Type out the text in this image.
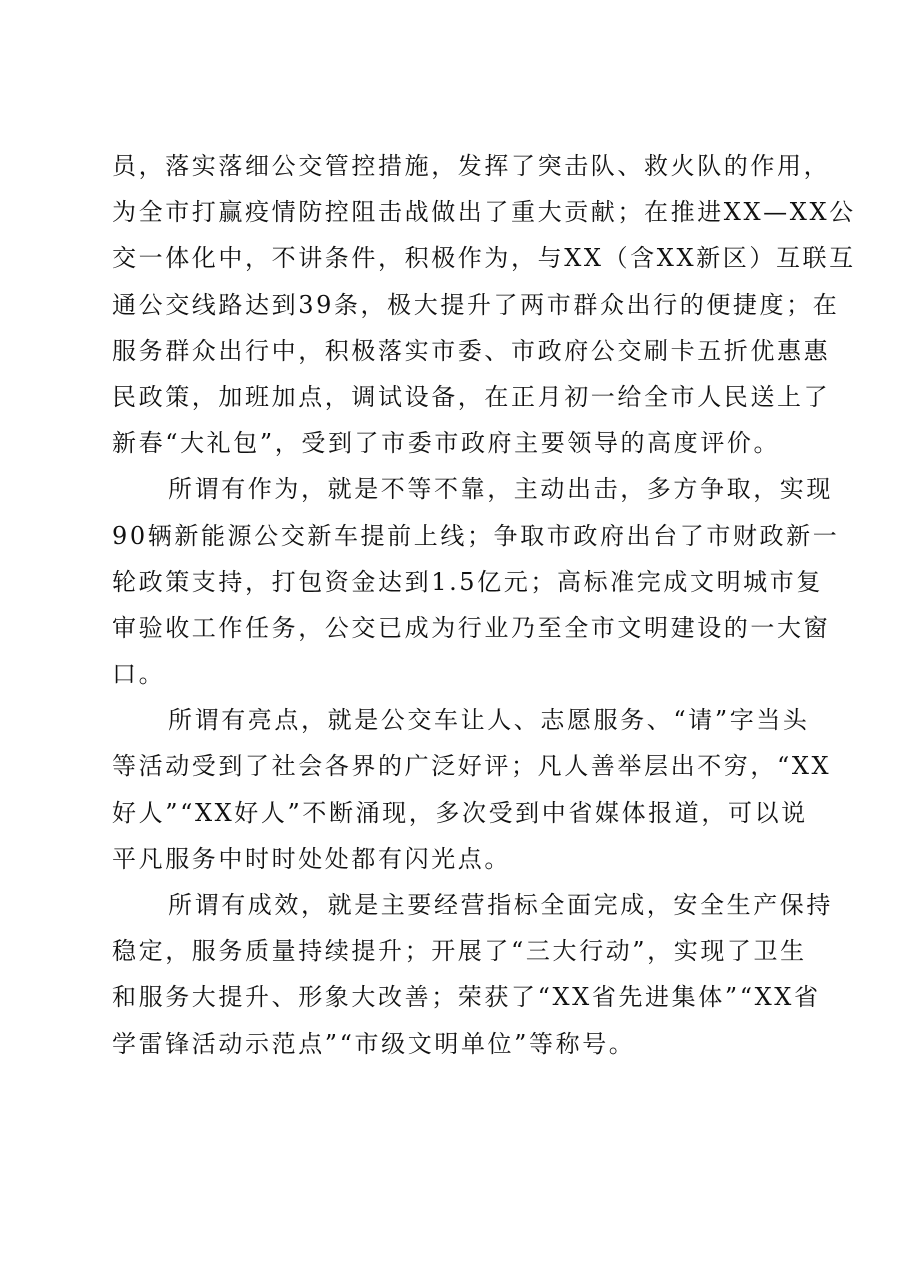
员，落实落细公交管控措施，发挥了突击队、救火队的作用，
为全市打赢疫情防控阻击战做出了重大贡献；在推进XX—XX公
交一体化中，不讲条件，积极作为，与XX（含XX新区）互联互
通公交线路达到39条，极大提升了两市群众出行的便捷度；在
服务群众出行中，积极落实市委、市政府公交刷卡五折优惠惠
民政策，加班加点，调试设备，在正月初一给全市人民送上了
新春“大礼包”，受到了市委市政府主要领导的高度评价。
所谓有作为，就是不等不靠，主动出击，多方争取，实现
90辆新能源公交新车提前上线；争取市政府出台了市财政新一
轮政策支持，打包资金达到1.5亿元；高标准完成文明城市复
审验收工作任务，公交已成为行业乃至全市文明建设的一大窗
口。
所谓有亮点，就是公交车让人、志愿服务、“请”字当头
等活动受到了社会各界的广泛好评；凡人善举层出不穷，“XX
好人”“XX好人”不断涌现，多次受到中省媒体报道，可以说
平凡服务中时时处处都有闪光点。
所谓有成效，就是主要经营指标全面完成，安全生产保持
稳定，服务质量持续提升；开展了“三大行动”，实现了卫生
和服务大提升、形象大改善；荣获了“XX省先进集体”“XX省
学雷锋活动示范点”“市级文明单位”等称号。
